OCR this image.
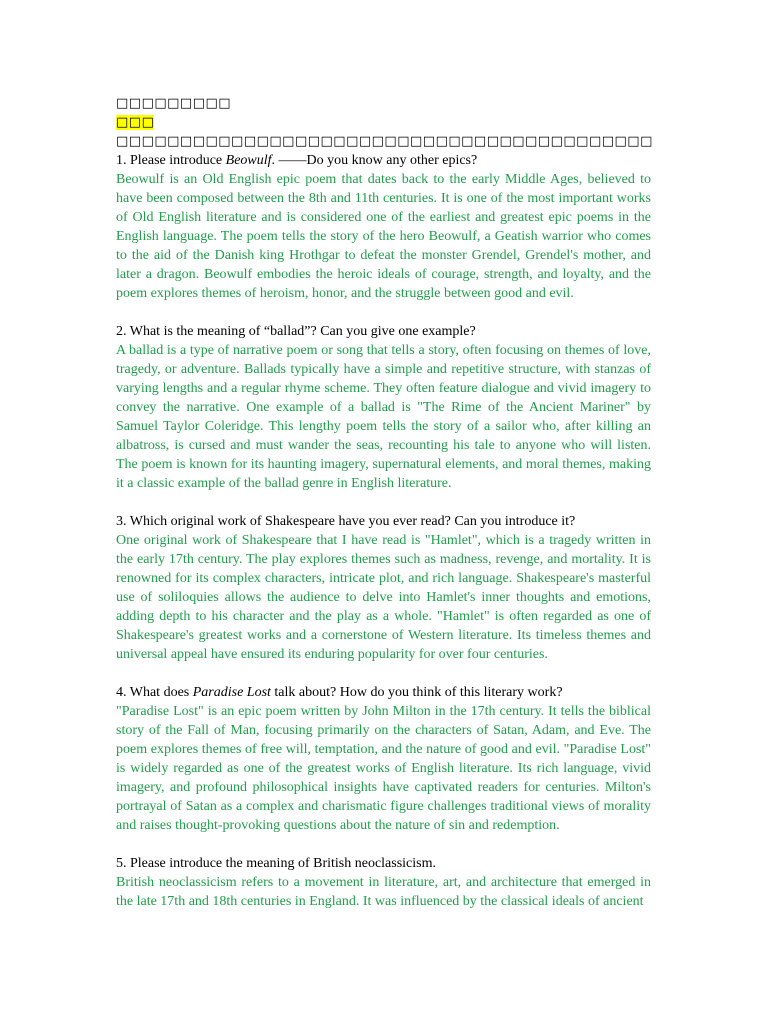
□□□□□□□□□

□□□

□□□□□□□□□□□□□□□□□□□□□□□□□□□□□□□□□□□□□□□□□□

1. Please introduce Beowulf. ——Do you know any other epics?

Beowulf is an Old English epic poem that dates back to the early Middle Ages, believed to have been composed between the 8th and 11th centuries. It is one of the most important works of Old English literature and is considered one of the earliest and greatest epic poems in the English language. The poem tells the story of the hero Beowulf, a Geatish warrior who comes to the aid of the Danish king Hrothgar to defeat the monster Grendel, Grendel's mother, and later a dragon. Beowulf embodies the heroic ideals of courage, strength, and loyalty, and the poem explores themes of heroism, honor, and the struggle between good and evil.

2. What is the meaning of “ballad”? Can you give one example?

A ballad is a type of narrative poem or song that tells a story, often focusing on themes of love, tragedy, or adventure. Ballads typically have a simple and repetitive structure, with stanzas of varying lengths and a regular rhyme scheme. They often feature dialogue and vivid imagery to convey the narrative. One example of a ballad is "The Rime of the Ancient Mariner" by Samuel Taylor Coleridge. This lengthy poem tells the story of a sailor who, after killing an albatross, is cursed and must wander the seas, recounting his tale to anyone who will listen. The poem is known for its haunting imagery, supernatural elements, and moral themes, making it a classic example of the ballad genre in English literature.

3. Which original work of Shakespeare have you ever read? Can you introduce it?

One original work of Shakespeare that I have read is "Hamlet", which is a tragedy written in the early 17th century. The play explores themes such as madness, revenge, and mortality. It is renowned for its complex characters, intricate plot, and rich language. Shakespeare's masterful use of soliloquies allows the audience to delve into Hamlet's inner thoughts and emotions, adding depth to his character and the play as a whole. "Hamlet" is often regarded as one of Shakespeare's greatest works and a cornerstone of Western literature. Its timeless themes and universal appeal have ensured its enduring popularity for over four centuries.

4. What does Paradise Lost talk about? How do you think of this literary work?

"Paradise Lost" is an epic poem written by John Milton in the 17th century. It tells the biblical story of the Fall of Man, focusing primarily on the characters of Satan, Adam, and Eve. The poem explores themes of free will, temptation, and the nature of good and evil. "Paradise Lost" is widely regarded as one of the greatest works of English literature. Its rich language, vivid imagery, and profound philosophical insights have captivated readers for centuries. Milton's portrayal of Satan as a complex and charismatic figure challenges traditional views of morality and raises thought-provoking questions about the nature of sin and redemption.

5. Please introduce the meaning of British neoclassicism.

British neoclassicism refers to a movement in literature, art, and architecture that emerged in the late 17th and 18th centuries in England. It was influenced by the classical ideals of ancient
